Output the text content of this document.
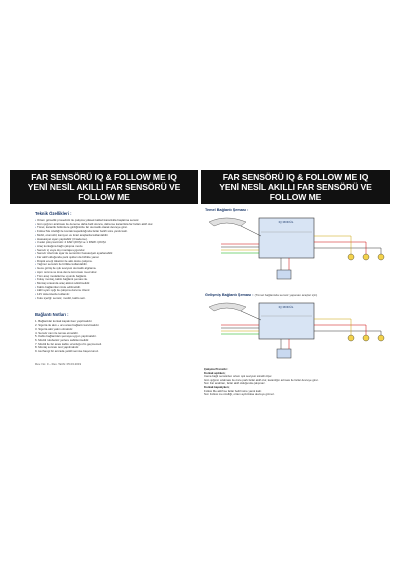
FAR SENSÖRÜ IQ & FOLLOW ME IQ
YENİ NESİL AKILLI FAR SENSÖRÜ VE FOLLOW ME
Teknik Özellikleri :
•Ortam görsellik prosedürü ile çalışma yüksek kaliteli karanlıkla başlatma sensör.
•Gün ışığının azalması ile deneme daha belli olunca, daha ise karanlıkta far farları aktif olur.
•Tünel, karanlık bölümlere girdiğinizde far otomatik olarak devreye girer.
•Follow Me özelliği ile kontak kapatıldığında farlar belirli süre yanık kalır.
•Mobil, otomobil, kamyon ve ticari araçlarda kullanılabilir.
•Hassasiyet ayarı yapılabilir (3 kademe).
•3 adet çıkış kontrolü: 2 FAR ÇIKIŞI ve 1 PARK ÇIKIŞI.
•Araç kontağına bağlı çalışma modu.
•Sensör iç veya dış montaja uygundur.
•Sensör üzerinde ayar ile sensörün hassasiyeti ayarlanabilir.
•Far aktif olduğunda park ışıkları da birlikte yanar.
•Düşük enerji tüketimi ile akü dostu çalışma.
•Yağmur sensörü ile birlikte kullanılabilir.
•Gece görüş ile ışık seviyesi otomatik algılama.
•Aşırı ısınma ve kısa devre koruması mevcuttur.
•Tüm araç modellerine uyumlu bağlantı.
•Kolay montaj, kablo bağlantı şeması ile.
•Montaj sırasında araç aküsü sökülmelidir.
•Kablo bağlantıları izole edilmelidir.
•LED uyarı ışığı ile çalışma durumu izlenir.
•12V sistemlerde kullanılır.
•Kutu içeriği: sensör, modül, kablo seti.
Bağlantı Notları :
1. Bağlantılar kontak kapalı iken yapılmalıdır.
2. Sigorta ile akü + ucu arası bağlantı kurulmalıdır.
3. Sigorta akü yakın olmalıdır.
4. Sensör cam ile temas etmelidir.
5. Kablo bağlantıları şemaya uygun yapılmalıdır.
6. Modül rutubetsiz yerlere sabitlenmelidir.
7. Modül ile far arası kablo uzunluğu 2m geçmemeli.
8. Montaj sonrası test yapılmalıdır.
9. Herhangi bir arızada yetkili servise başvurunuz.
Rev. No: 0 – Rev. Tarihi: 05.03.2019
FAR SENSÖRÜ IQ & FOLLOW ME IQ
YENİ NESİL AKILLI FAR SENSÖRÜ VE FOLLOW ME
Temel Bağlantı Şeması :
IQ MODÜL
Gelişmiş Bağlantı Şeması : (Tümel bağlantıda sensör yapanan araçlar için)
IQ MODÜL

Çalışma Prensibi :

Kontak açıkken;

Cama bağlı sensörden ortam ışık seviyesi sürekli ölçer.

Gün ışığının azalması ile önce park farlar aktif olur, karanlığın artması ile farlar devreye girer.

Not: Far anahtarı, farlar aktif olduğunda çalışmaz.

Kontak kapalıyken;

Follow Me aktif ise farlar belirli süre yanık kalır.

Not: Follow me özelliği, ortam aydınlıksa devreye girmez.
